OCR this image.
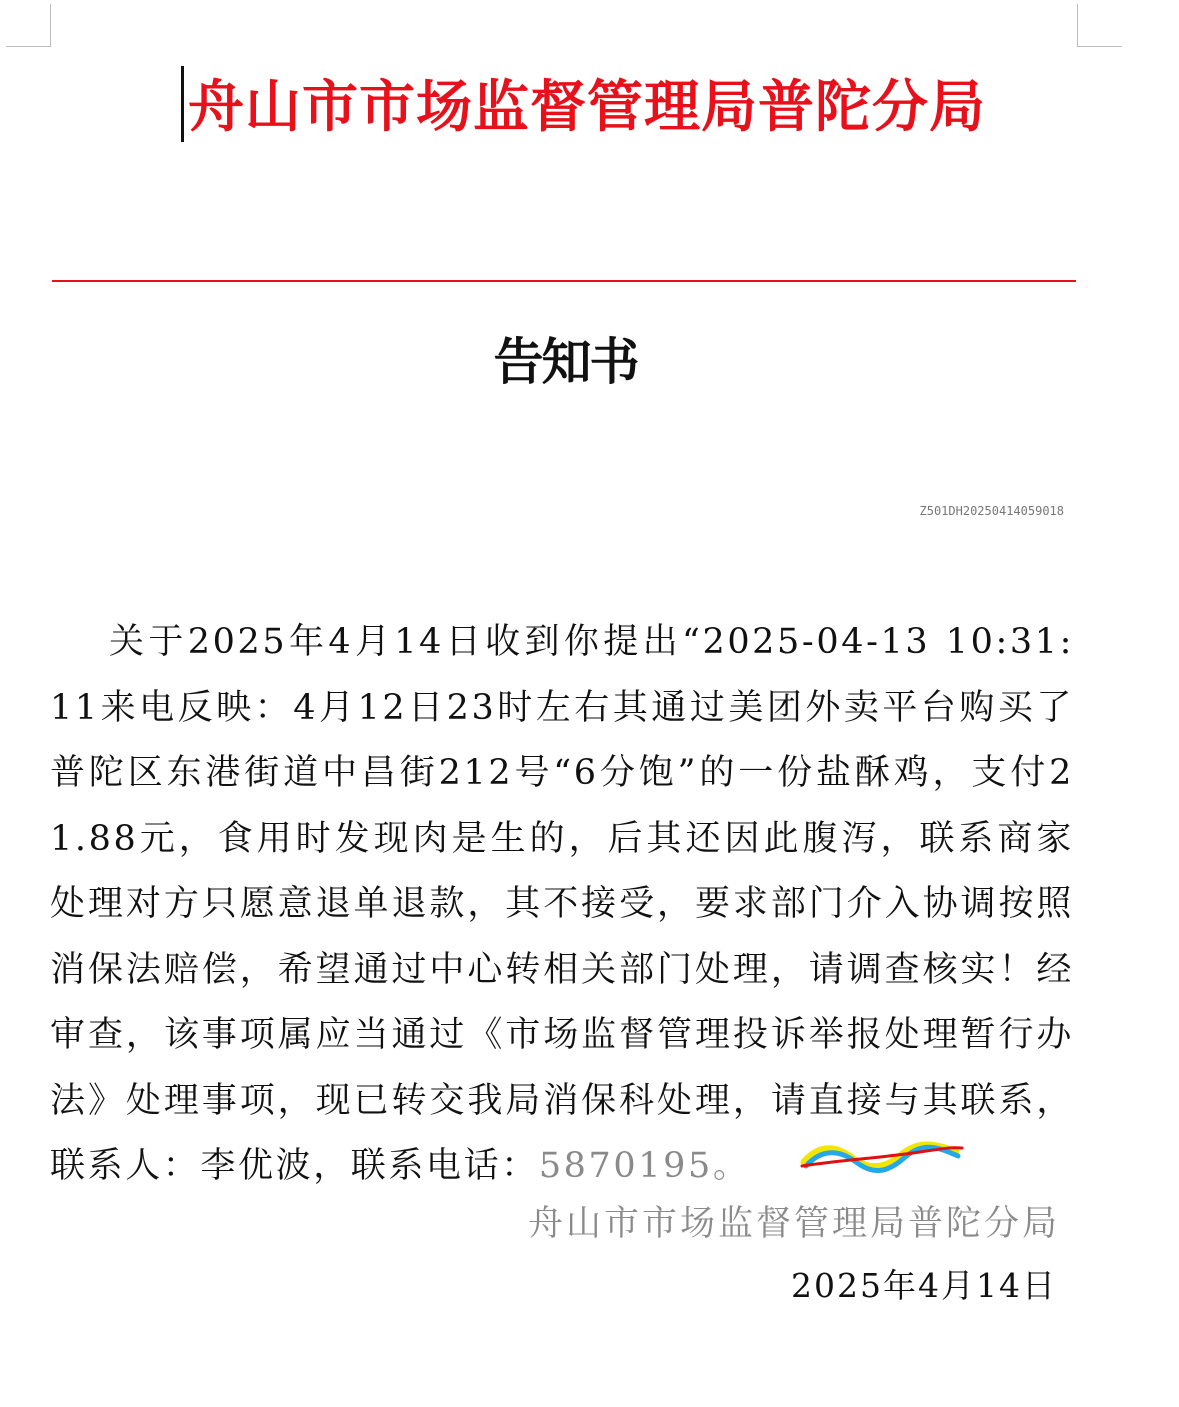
舟山市市场监督管理局普陀分局
告知书
Z501DH20250414059018
关于2025年4月14日收到你提出“2025-04-13 10:31:11来电反映：4月12日23时左右其通过美团外卖平台购买了普陀区东港街道中昌街212号“6分饱”的一份盐酥鸡，支付21.88元，食用时发现肉是生的，后其还因此腹泻，联系商家处理对方只愿意退单退款，其不接受，要求部门介入协调按照消保法赔偿，希望通过中心转相关部门处理，请调查核实！经审查，该事项属应当通过《市场监督管理投诉举报处理暂行办法》处理事项，现已转交我局消保科处理，请直接与其联系，联系人：李优波，联系电话：5870195。
舟山市市场监督管理局普陀分局
2025年4月14日
